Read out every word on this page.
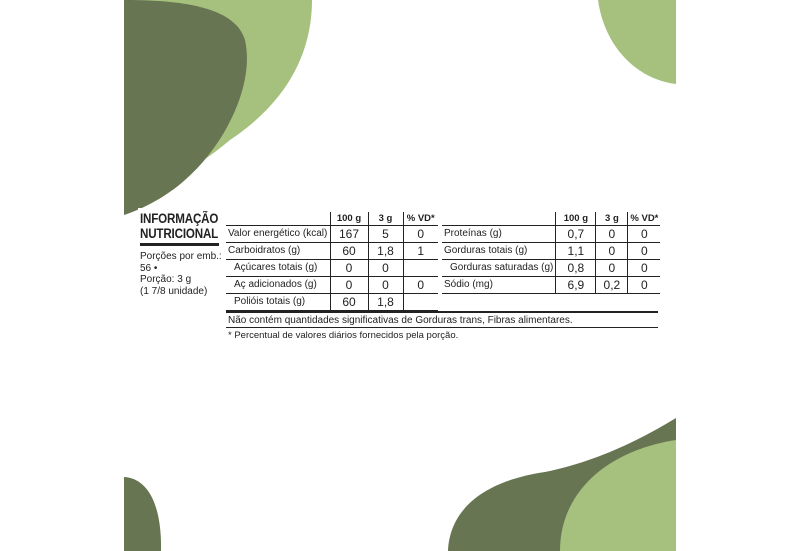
INFORMAÇÃO
NUTRICIONAL
Porções por emb.:
56 •
Porção: 3 g
(1 7/8 unidade)
	100 g	3 g	% VD*
Valor energético (kcal)	167	5	0
Carboidratos (g)	60	1,8	1
Açúcares totais (g)	0	0	
Aç adicionados (g)	0	0	0
Polióis totais (g)	60	1,8	
	100 g	3 g	% VD*
Proteínas (g)	0,7	0	0
Gorduras totais (g)	1,1	0	0
Gorduras saturadas (g)	0,8	0	0
Sódio (mg)	6,9	0,2	0
Não contém quantidades significativas de Gorduras trans, Fibras alimentares.
* Percentual de valores diários fornecidos pela porção.
